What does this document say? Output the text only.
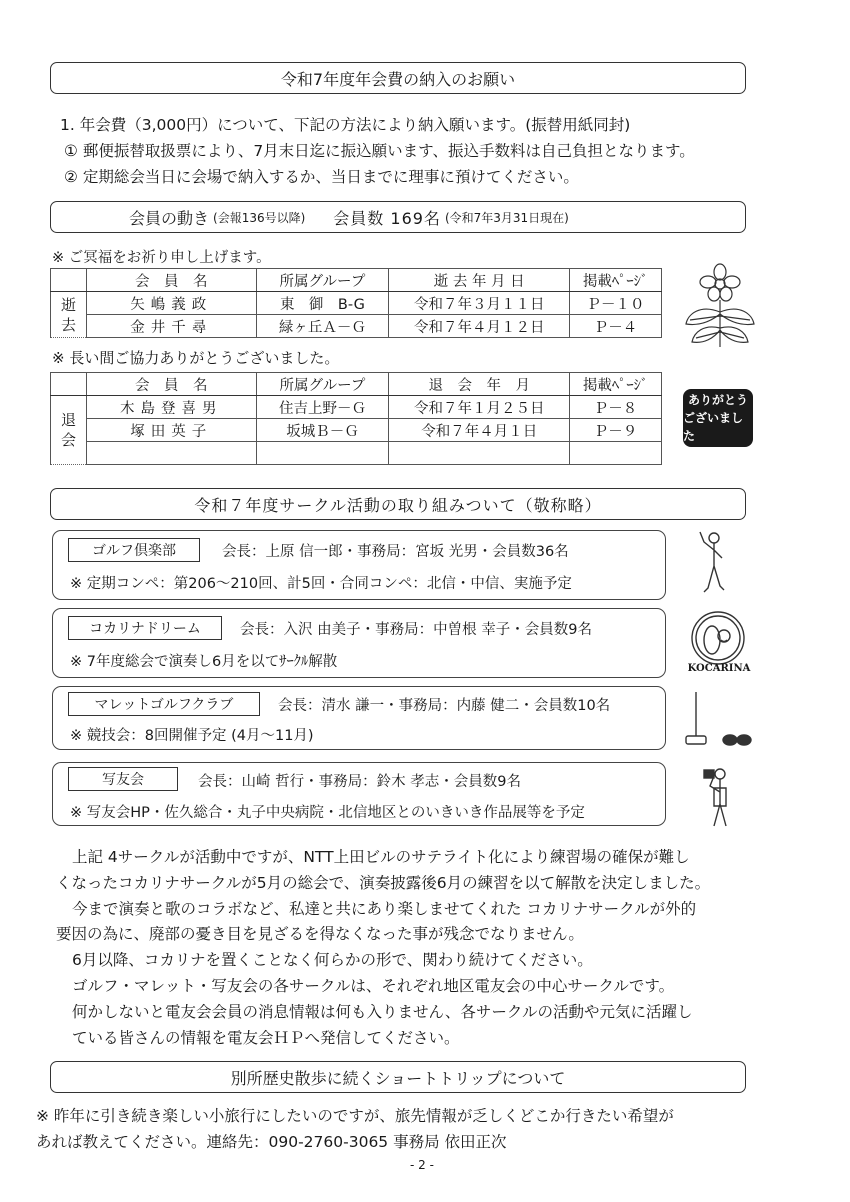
令和7年度年会費の納入のお願い
1. 年会費（3,000円）について、下記の方法により納入願います。(振替用紙同封)
① 郵便振替取扱票により、7月末日迄に振込願います、振込手数料は自己負担となります。
② 定期総会当日に会場で納入するか、当日までに理事に預けてください。
会員の動き (会報136号以降) 会員数 169名 (令和7年3月31日現在)
※ ご冥福をお祈り申し上げます。
	会　員　名	所属グループ	逝 去 年 月 日	掲載ﾍﾟｰｼﾞ
逝
去	矢嶋義政	東　御　B-G	令和７年３月１１日	Ｐ－１０
	金井千尋	緑ヶ丘Ａ－Ｇ	令和７年４月１２日	Ｐ－４
※ 長い間ご協力ありがとうございました。
	会　員　名	所属グループ	退　会　年　月	掲載ﾍﾟｰｼﾞ
退
会	木島登喜男	住吉上野－Ｇ	令和７年１月２５日	Ｐ－８
	塚田英子	坂城Ｂ－Ｇ	令和７年４月１日	Ｐ－９

ありがとう
ございました
令和７年度サークル活動の取り組みついて（敬称略）
ゴルフ倶楽部	会長：上原 信一郎・事務局：宮坂 光男・会員数36名
※ 定期コンペ：第206～210回、計5回・合同コンペ：北信・中信、実施予定
コカリナドリーム	会長：入沢 由美子・事務局：中曽根 幸子・会員数9名
※ 7年度総会で演奏し6月を以てｻｰｸﾙ解散	KOCARINA
マレットゴルフクラブ	会長：清水 謙一・事務局：内藤 健二・会員数10名
※ 競技会：8回開催予定 (4月～11月)
写友会	会長：山崎 哲行・事務局：鈴木 孝志・会員数9名
※ 写友会HP・佐久総合・丸子中央病院・北信地区とのいきいき作品展等を予定
上記 4サークルが活動中ですが、NTT上田ビルのサテライト化により練習場の確保が難し
くなったコカリナサークルが5月の総会で、演奏披露後6月の練習を以て解散を決定しました。
今まで演奏と歌のコラボなど、私達と共にあり楽しませてくれた コカリナサークルが外的
要因の為に、廃部の憂き目を見ざるを得なくなった事が残念でなりません。
6月以降、コカリナを置くことなく何らかの形で、関わり続けてください。
ゴルフ・マレット・写友会の各サークルは、それぞれ地区電友会の中心サークルです。
何かしないと電友会会員の消息情報は何も入りません、各サークルの活動や元気に活躍し
ている皆さんの情報を電友会ＨＰへ発信してください。
別所歴史散歩に続くショートトリップについて
※ 昨年に引き続き楽しい小旅行にしたいのですが、旅先情報が乏しくどこか行きたい希望が
あれば教えてください。連絡先：090-2760-3065 事務局 依田正次
- 2 -
